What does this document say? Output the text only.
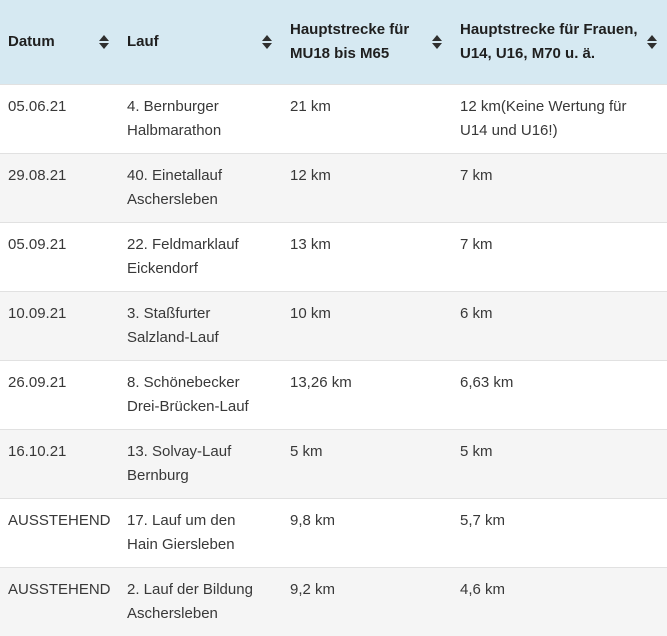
Datum	Lauf	Hauptstrecke für MU18 bis M65	Hauptstrecke für Frauen, U14, U16, M70 u. ä.

05.06.21	4. Bernburger Halbmarathon	21 km	12 km(Keine Wertung für U14 und U16!)
29.08.21	40. Einetallauf Aschersleben	12 km	7 km
05.09.21	22. Feldmarklauf Eickendorf	13 km	7 km
10.09.21	3. Staßfurter Salzland-Lauf	10 km	6 km
26.09.21	8. Schönebecker Drei-Brücken-Lauf	13,26 km	6,63 km
16.10.21	13. Solvay-Lauf Bernburg	5 km	5 km
AUSSTEHEND	17. Lauf um den Hain Giersleben	9,8 km	5,7 km
AUSSTEHEND	2. Lauf der Bildung Aschersleben	9,2 km	4,6 km
